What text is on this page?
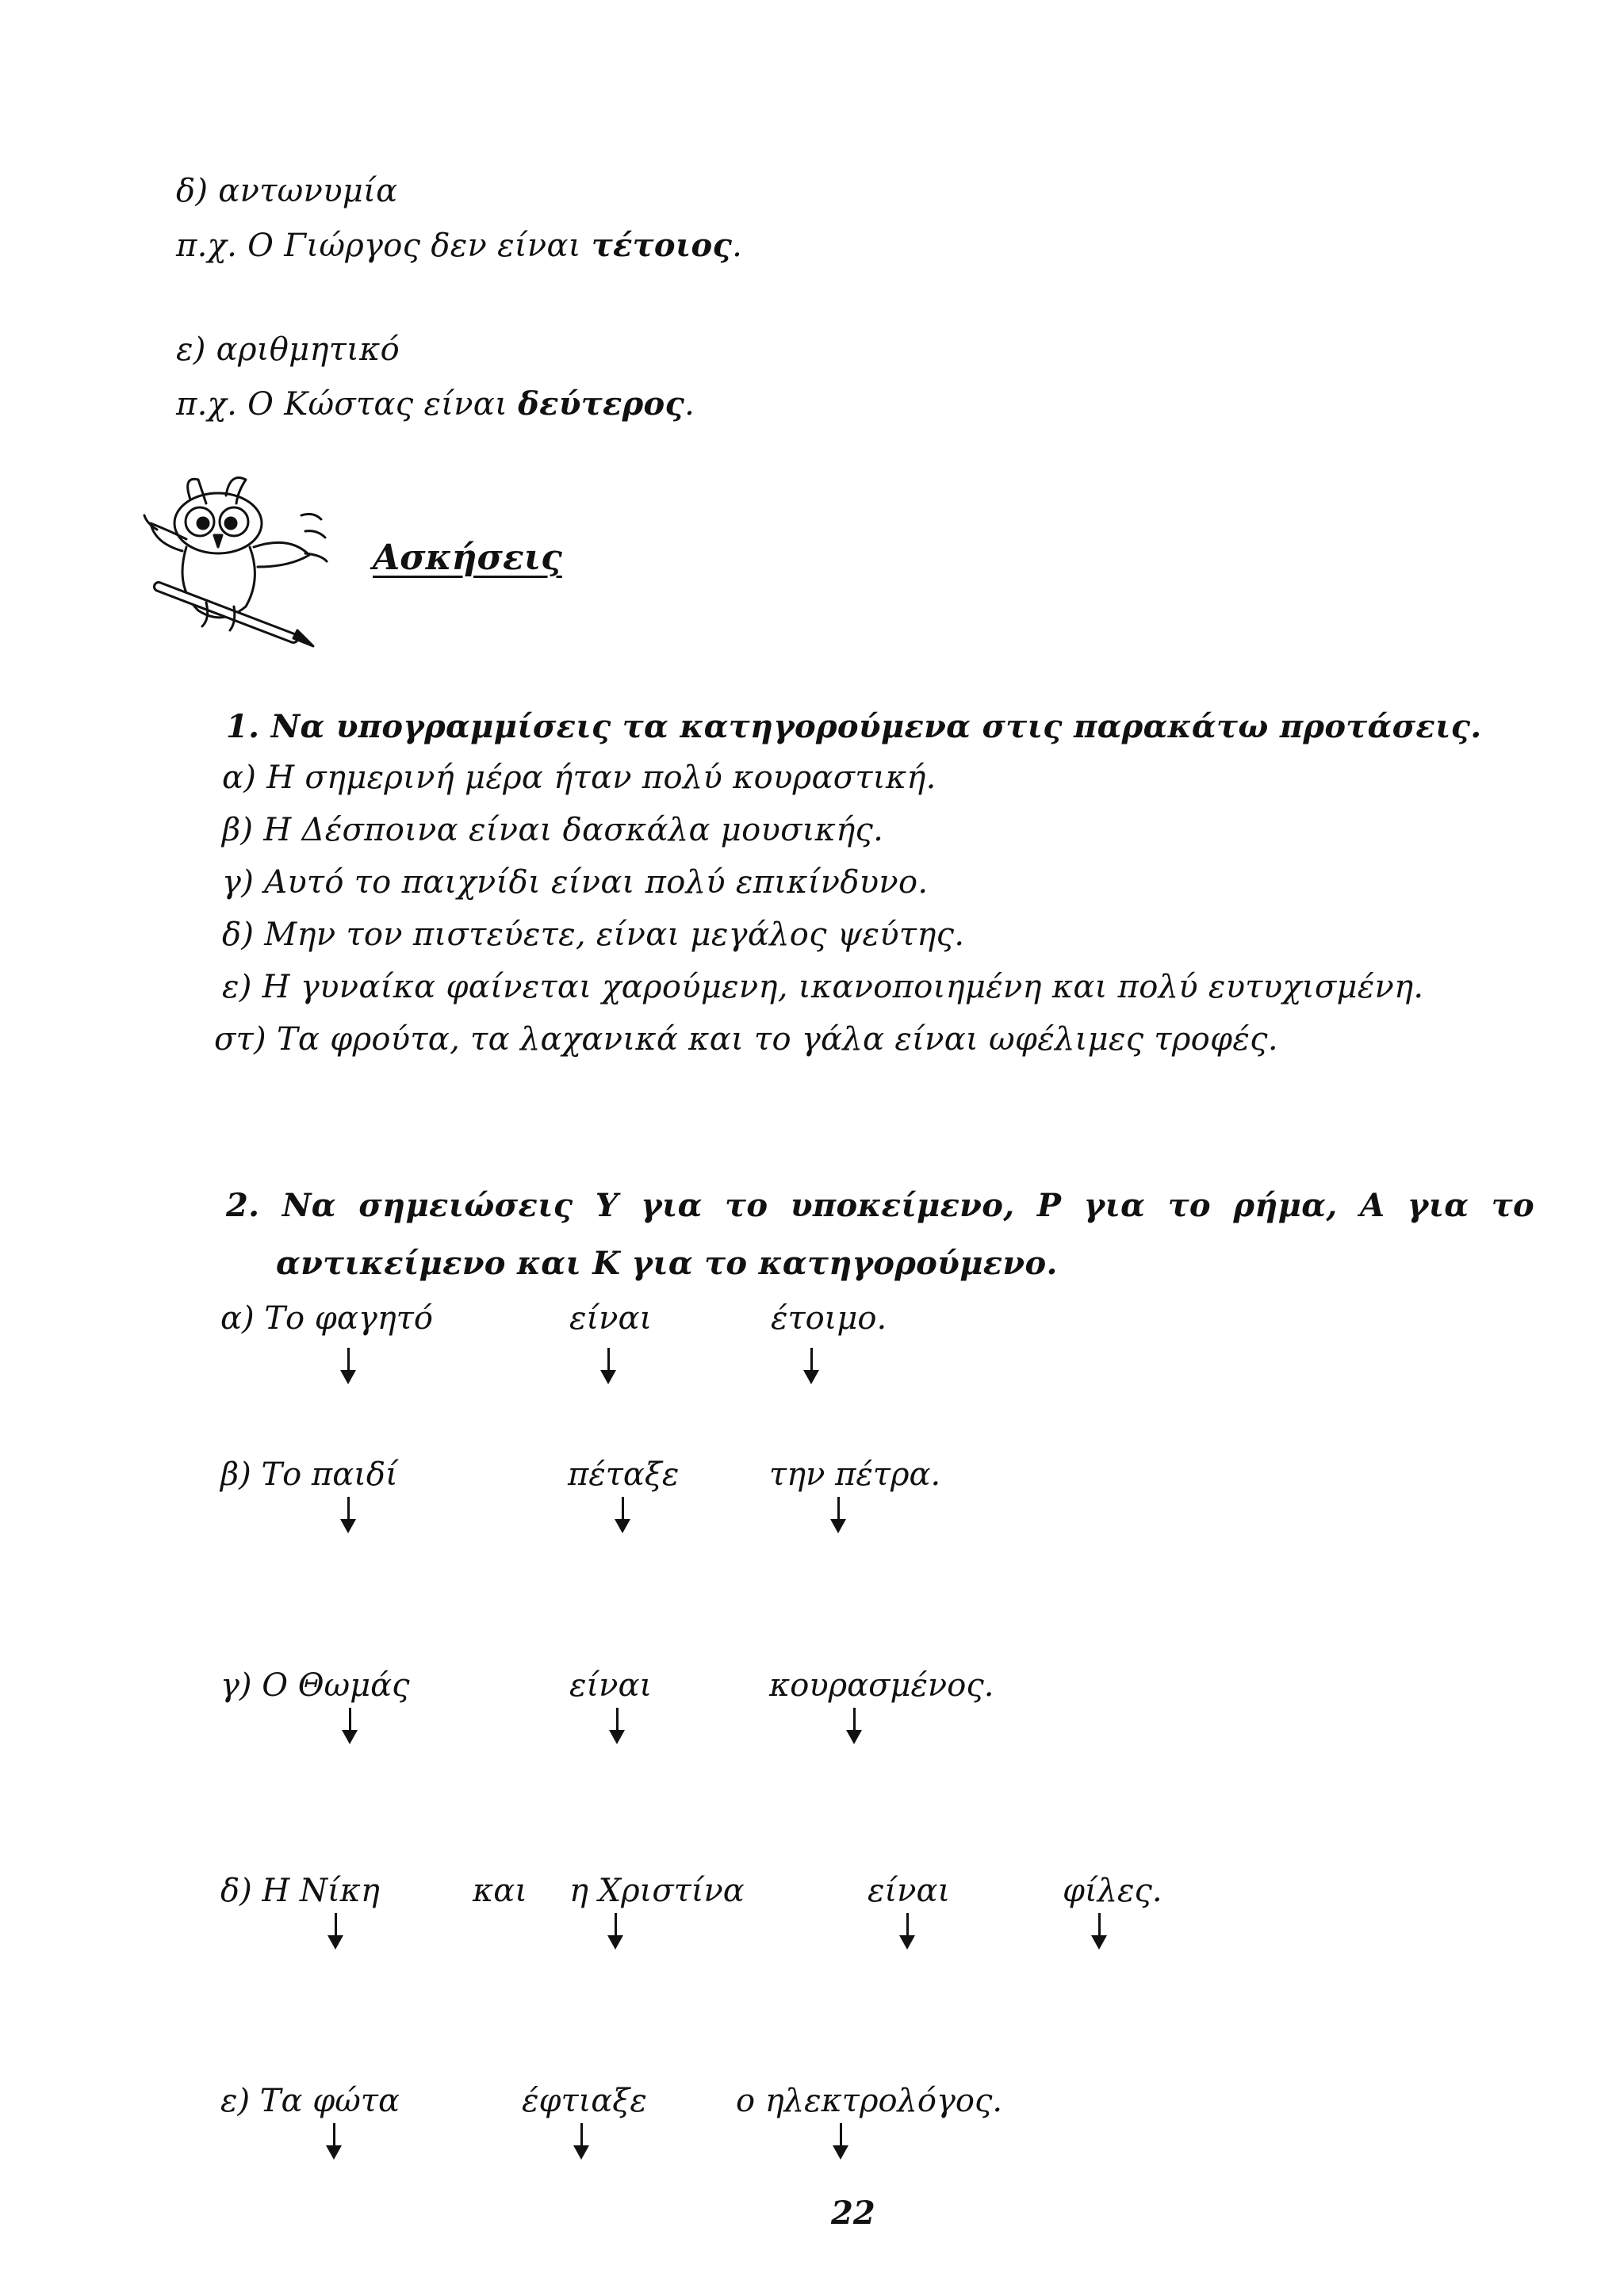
δ) αντωνυμία
π.χ. Ο Γιώργος δεν είναι τέτοιος.
ε) αριθμητικό
π.χ. Ο Κώστας είναι δεύτερος.
Ασκήσεις
1. Να υπογραμμίσεις τα κατηγορούμενα στις παρακάτω προτάσεις.
α) Η σημερινή μέρα ήταν πολύ κουραστική.
β) Η Δέσποινα είναι δασκάλα μουσικής.
γ) Αυτό το παιχνίδι είναι πολύ επικίνδυνο.
δ) Μην τον πιστεύετε, είναι μεγάλος ψεύτης.
ε) Η γυναίκα φαίνεται χαρούμενη, ικανοποιημένη και πολύ ευτυχισμένη.
στ) Τα φρούτα, τα λαχανικά και το γάλα είναι ωφέλιμες τροφές.
2. Να σημειώσεις Υ για το υποκείμενο, Ρ για το ρήμα, Α για το
αντικείμενο και Κ για το κατηγορούμενο.
α) Το φαγητό	είναι	έτοιμο.
β) Το παιδί	πέταξε	την πέτρα.
γ) Ο Θωμάς	είναι	κουρασμένος.
δ) Η Νίκη	και η Χριστίνα	είναι	φίλες.
ε) Τα φώτα	έφτιαξε	ο ηλεκτρολόγος.
22
